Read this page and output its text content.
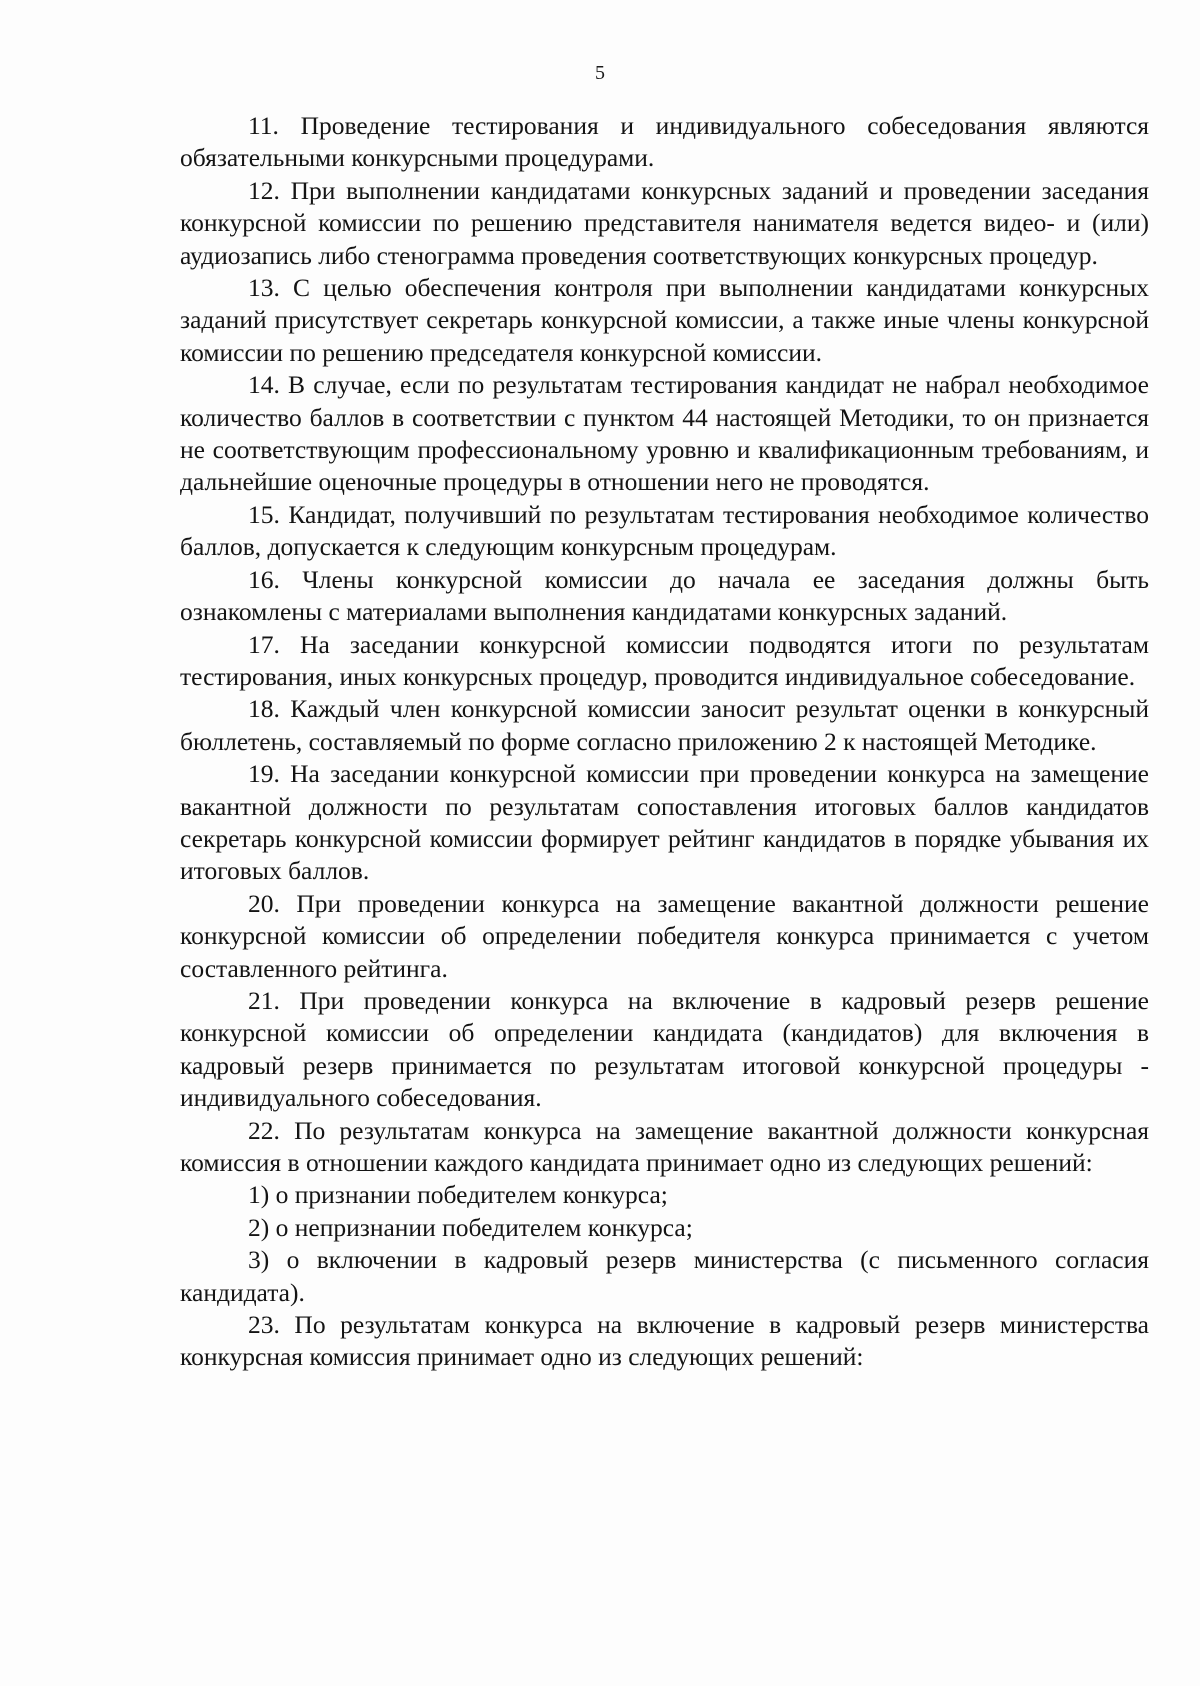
5

11. Проведение тестирования и индивидуального собеседования являются обязательными конкурсными процедурами.

12. При выполнении кандидатами конкурсных заданий и проведении заседания конкурсной комиссии по решению представителя нанимателя ведется видео- и (или) аудиозапись либо стенограмма проведения соответствующих конкурсных процедур.

13. С целью обеспечения контроля при выполнении кандидатами конкурсных заданий присутствует секретарь конкурсной комиссии, а также иные члены конкурсной комиссии по решению председателя конкурсной комиссии.

14. В случае, если по результатам тестирования кандидат не набрал необходимое количество баллов в соответствии с пунктом 44 настоящей Методики, то он признается не соответствующим профессиональному уровню и квалификационным требованиям, и дальнейшие оценочные процедуры в отношении него не проводятся.

15. Кандидат, получивший по результатам тестирования необходимое количество баллов, допускается к следующим конкурсным процедурам.

16. Члены конкурсной комиссии до начала ее заседания должны быть ознакомлены с материалами выполнения кандидатами конкурсных заданий.

17. На заседании конкурсной комиссии подводятся итоги по результатам тестирования, иных конкурсных процедур, проводится индивидуальное собеседование.

18. Каждый член конкурсной комиссии заносит результат оценки в конкурсный бюллетень, составляемый по форме согласно приложению 2 к настоящей Методике.

19. На заседании конкурсной комиссии при проведении конкурса на замещение вакантной должности по результатам сопоставления итоговых баллов кандидатов секретарь конкурсной комиссии формирует рейтинг кандидатов в порядке убывания их итоговых баллов.

20. При проведении конкурса на замещение вакантной должности решение конкурсной комиссии об определении победителя конкурса принимается с учетом составленного рейтинга.

21. При проведении конкурса на включение в кадровый резерв решение конкурсной комиссии об определении кандидата (кандидатов) для включения в кадровый резерв принимается по результатам итоговой конкурсной процедуры - индивидуального собеседования.

22. По результатам конкурса на замещение вакантной должности конкурсная комиссия в отношении каждого кандидата принимает одно из следующих решений:

1) о признании победителем конкурса;

2) о непризнании победителем конкурса;

3) о включении в кадровый резерв министерства (с письменного согласия кандидата).

23. По результатам конкурса на включение в кадровый резерв министерства конкурсная комиссия принимает одно из следующих решений:
